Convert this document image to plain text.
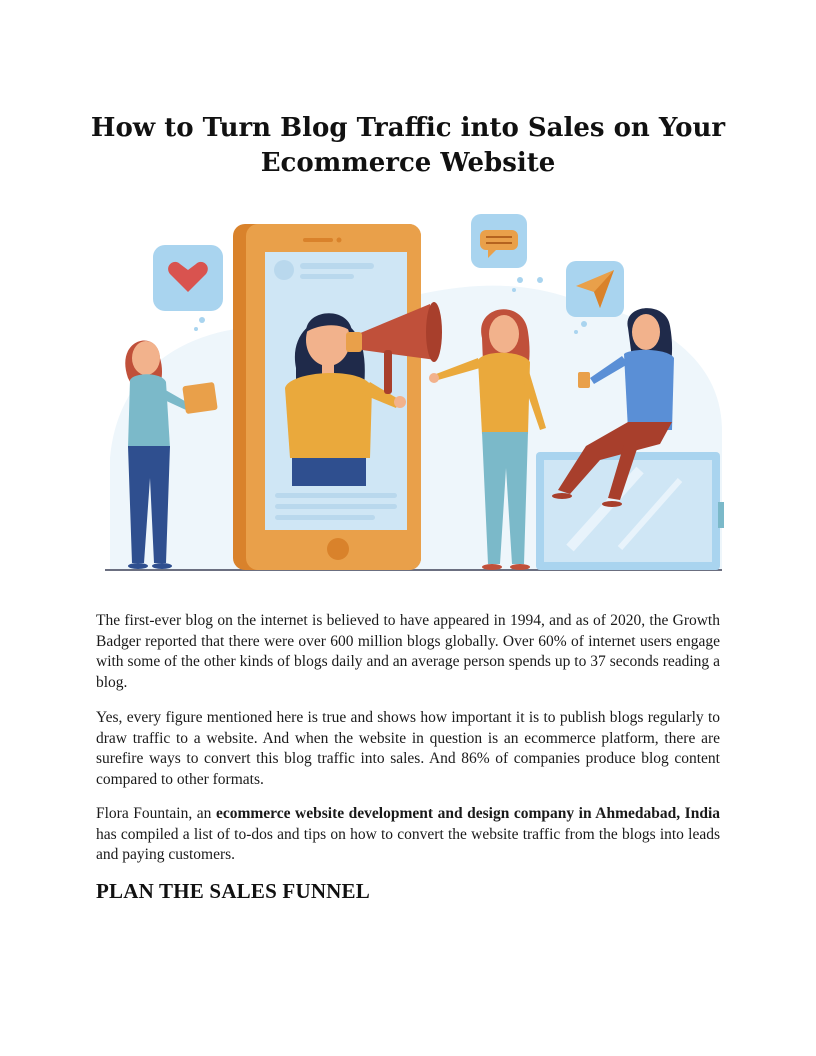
How to Turn Blog Traffic into Sales on Your Ecommerce Website

The first-ever blog on the internet is believed to have appeared in 1994, and as of 2020, the Growth Badger reported that there were over 600 million blogs globally. Over 60% of internet users engage with some of the other kinds of blogs daily and an average person spends up to 37 seconds reading a blog.

Yes, every figure mentioned here is true and shows how important it is to publish blogs regularly to draw traffic to a website. And when the website in question is an ecommerce platform, there are surefire ways to convert this blog traffic into sales. And 86% of companies produce blog content compared to other formats.

Flora Fountain, an ecommerce website development and design company in Ahmedabad, India has compiled a list of to-dos and tips on how to convert the website traffic from the blogs into leads and paying customers.

PLAN THE SALES FUNNEL
